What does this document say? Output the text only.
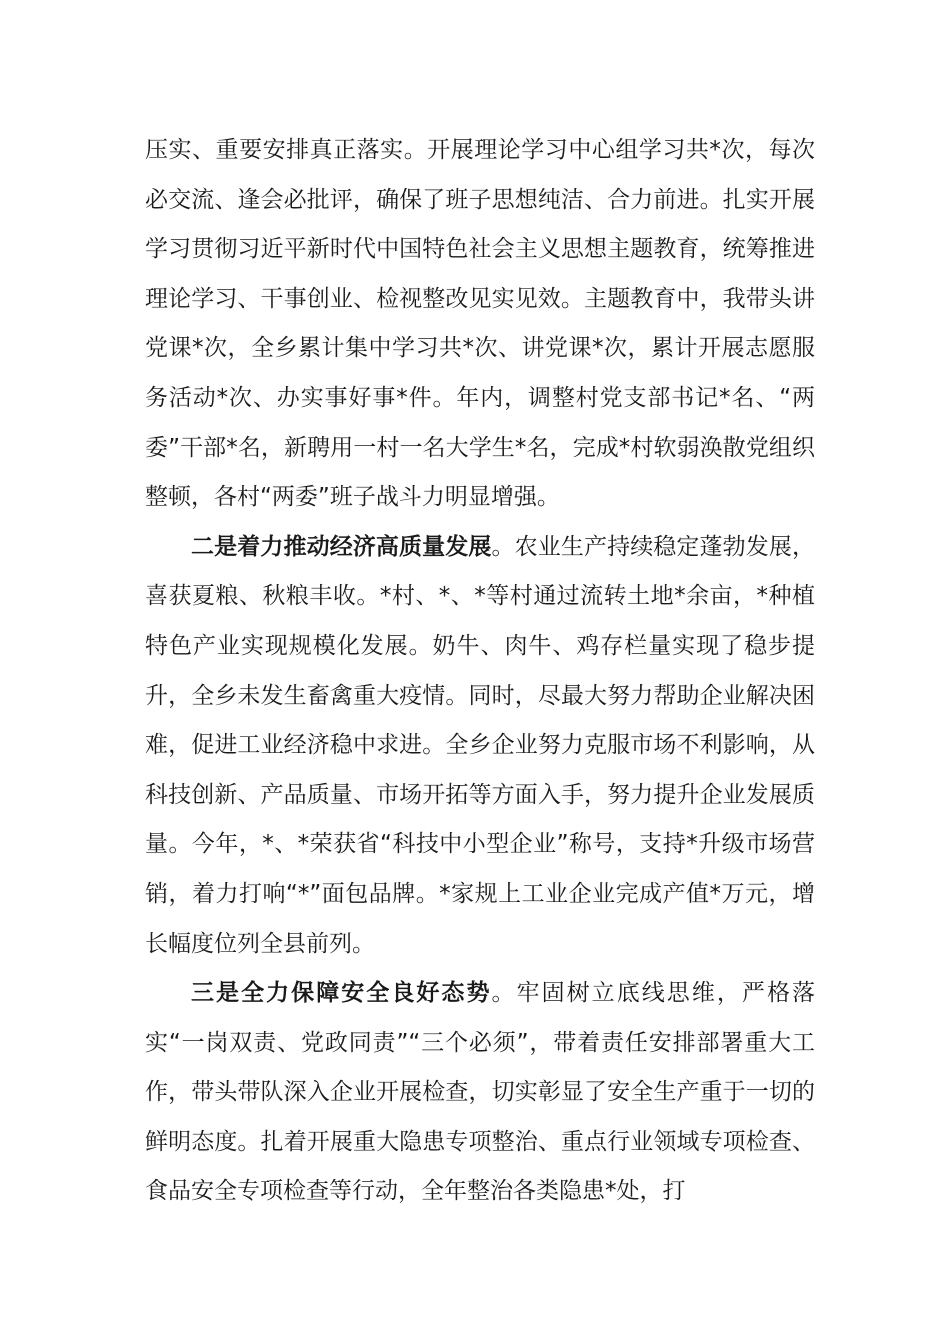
压实、重要安排真正落实。开展理论学习中心组学习共*次，每次必交流、逢会必批评，确保了班子思想纯洁、合力前进。扎实开展学习贯彻习近平新时代中国特色社会主义思想主题教育，统筹推进理论学习、干事创业、检视整改见实见效。主题教育中，我带头讲党课*次，全乡累计集中学习共*次、讲党课*次，累计开展志愿服务活动*次、办实事好事*件。年内，调整村党支部书记*名、“两委”干部*名，新聘用一村一名大学生*名，完成*村软弱涣散党组织整顿，各村“两委”班子战斗力明显增强。

二是着力推动经济高质量发展。农业生产持续稳定蓬勃发展，喜获夏粮、秋粮丰收。*村、*、*等村通过流转土地*余亩，*种植特色产业实现规模化发展。奶牛、肉牛、鸡存栏量实现了稳步提升，全乡未发生畜禽重大疫情。同时，尽最大努力帮助企业解决困难，促进工业经济稳中求进。全乡企业努力克服市场不利影响，从科技创新、产品质量、市场开拓等方面入手，努力提升企业发展质量。今年，*、*荣获省“科技中小型企业”称号，支持*升级市场营销，着力打响“*”面包品牌。*家规上工业企业完成产值*万元，增长幅度位列全县前列。

三是全力保障安全良好态势。牢固树立底线思维，严格落实“一岗双责、党政同责”“三个必须”，带着责任安排部署重大工作，带头带队深入企业开展检查，切实彰显了安全生产重于一切的鲜明态度。扎着开展重大隐患专项整治、重点行业领域专项检查、食品安全专项检查等行动，全年整治各类隐患*处，打
